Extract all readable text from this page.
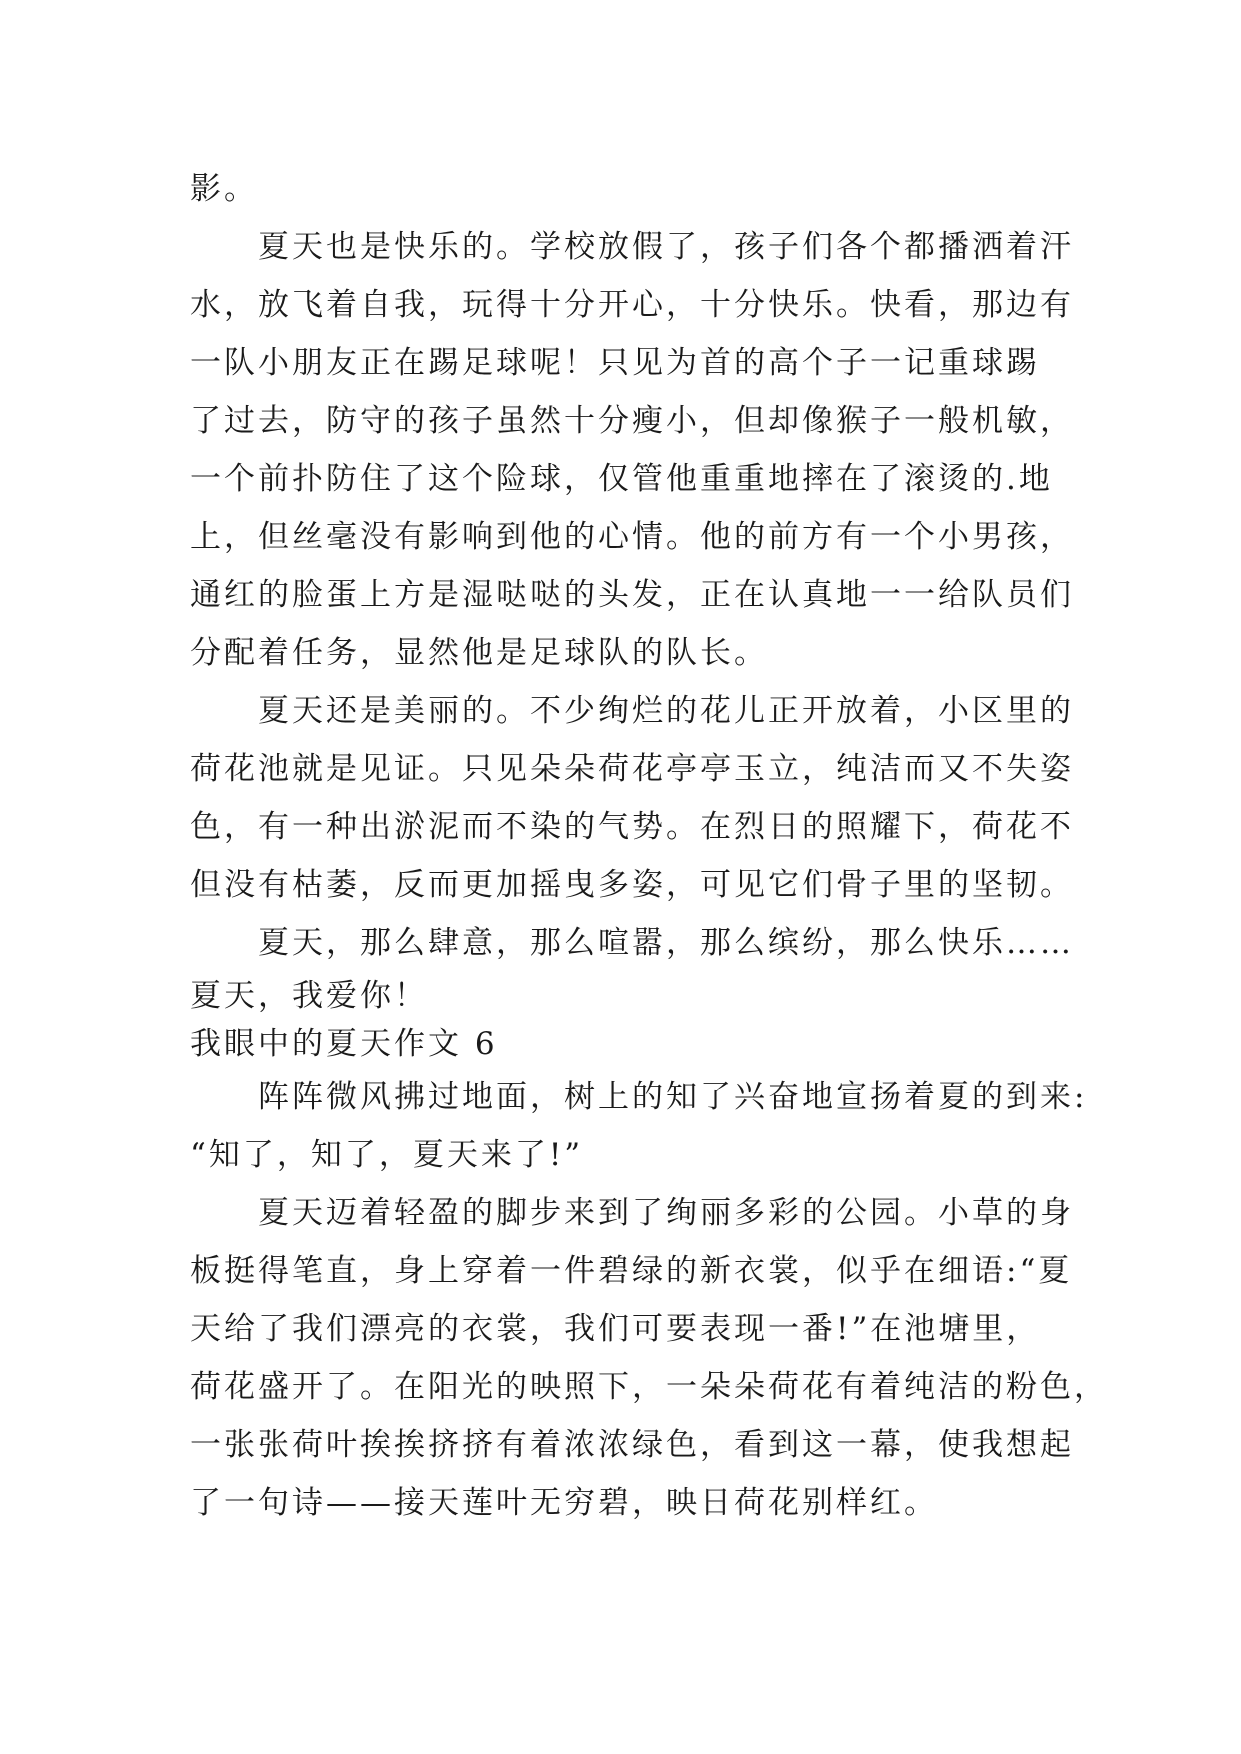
影。
夏天也是快乐的。学校放假了，孩子们各个都播洒着汗
水，放飞着自我，玩得十分开心，十分快乐。快看，那边有
一队小朋友正在踢足球呢！只见为首的高个子一记重球踢
了过去，防守的孩子虽然十分瘦小，但却像猴子一般机敏，
一个前扑防住了这个险球，仅管他重重地摔在了滚烫的.地
上，但丝毫没有影响到他的心情。他的前方有一个小男孩，
通红的脸蛋上方是湿哒哒的头发，正在认真地一一给队员们
分配着任务，显然他是足球队的队长。
夏天还是美丽的。不少绚烂的花儿正开放着，小区里的
荷花池就是见证。只见朵朵荷花亭亭玉立，纯洁而又不失姿
色，有一种出淤泥而不染的气势。在烈日的照耀下，荷花不
但没有枯萎，反而更加摇曳多姿，可见它们骨子里的坚韧。
夏天，那么肆意，那么喧嚣，那么缤纷，那么快乐……
夏天，我爱你！
我眼中的夏天作文 6
阵阵微风拂过地面，树上的知了兴奋地宣扬着夏的到来:
“知了，知了，夏天来了!”
夏天迈着轻盈的脚步来到了绚丽多彩的公园。小草的身
板挺得笔直，身上穿着一件碧绿的新衣裳，似乎在细语:“夏
天给了我们漂亮的衣裳，我们可要表现一番!”在池塘里，
荷花盛开了。在阳光的映照下，一朵朵荷花有着纯洁的粉色，
一张张荷叶挨挨挤挤有着浓浓绿色，看到这一幕，使我想起
了一句诗——接天莲叶无穷碧，映日荷花别样红。
